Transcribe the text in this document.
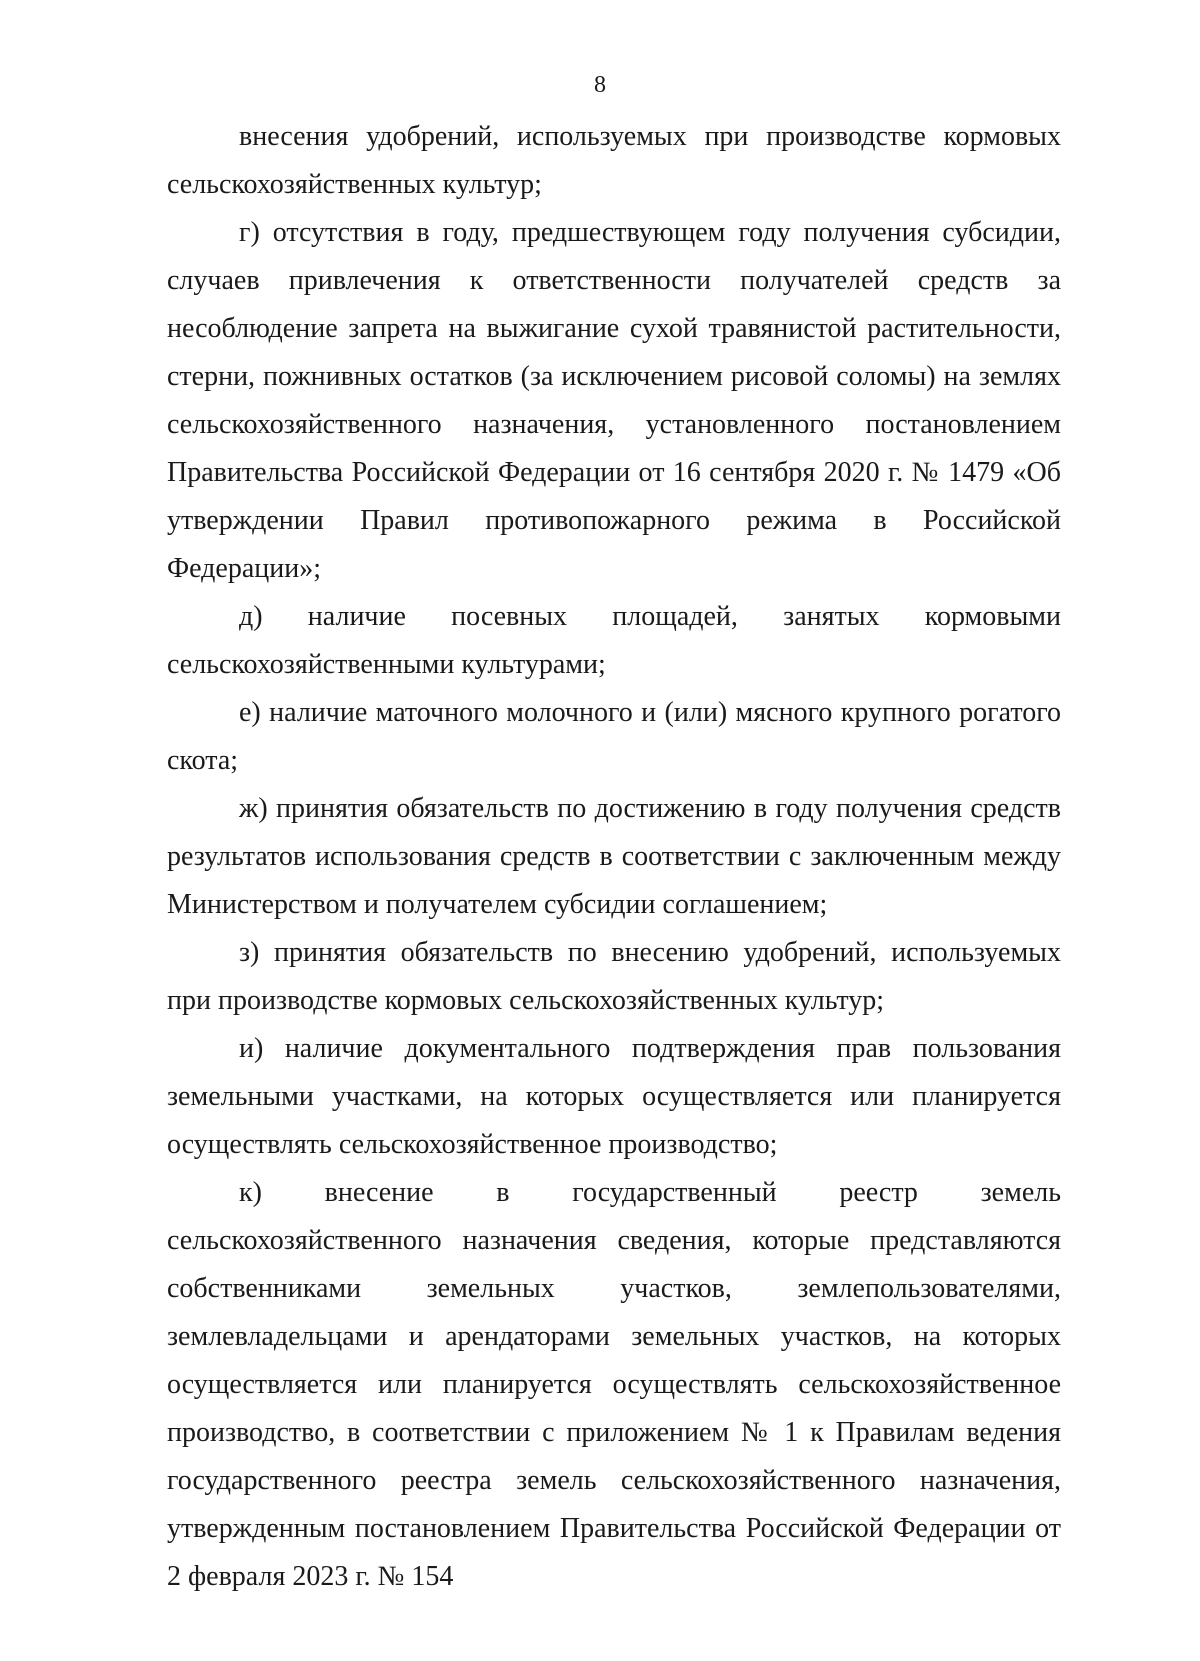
8

внесения удобрений, используемых при производстве кормовых сельскохозяйственных культур;

г) отсутствия в году, предшествующем году получения субсидии, случаев привлечения к ответственности получателей средств за несоблюдение запрета на выжигание сухой травянистой растительности, стерни, пожнивных остатков (за исключением рисовой соломы) на землях сельскохозяйственного назначения, установленного постановлением Правительства Российской Федерации от 16 сентября 2020 г. № 1479 «Об утверждении Правил противопожарного режима в Российской Федерации»;

д) наличие посевных площадей, занятых кормовыми сельскохозяйственными культурами;

е) наличие маточного молочного и (или) мясного крупного рогатого скота;

ж) принятия обязательств по достижению в году получения средств результатов использования средств в соответствии с заключенным между Министерством и получателем субсидии соглашением;

з) принятия обязательств по внесению удобрений, используемых при производстве кормовых сельскохозяйственных культур;

и) наличие документального подтверждения прав пользования земельными участками, на которых осуществляется или планируется осуществлять сельскохозяйственное производство;

к) внесение в государственный реестр земель сельскохозяйственного назначения сведения, которые представляются собственниками земельных участков, землепользователями, землевладельцами и арендаторами земельных участков, на которых осуществляется или планируется осуществлять сельскохозяйственное производство, в соответствии с приложением № 1 к Правилам ведения государственного реестра земель сельскохозяйственного назначения, утвержденным постановлением Правительства Российской Федерации от 2 февраля 2023 г. № 154
